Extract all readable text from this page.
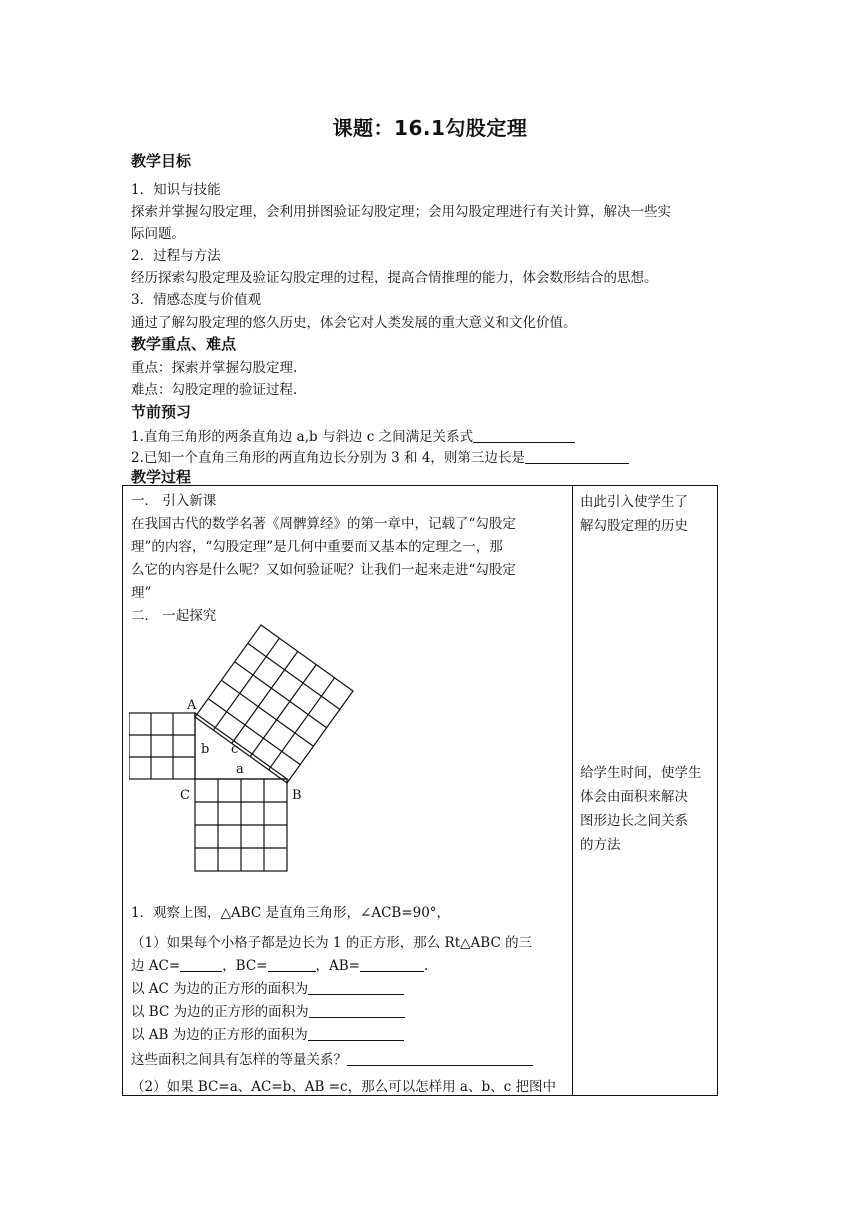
课题：16.1勾股定理
教学目标
1．知识与技能
探索并掌握勾股定理，会利用拼图验证勾股定理；会用勾股定理进行有关计算，解决一些实
际问题。
2．过程与方法
经历探索勾股定理及验证勾股定理的过程，提高合情推理的能力，体会数形结合的思想。
3．情感态度与价值观
通过了解勾股定理的悠久历史，体会它对人类发展的重大意义和文化价值。
教学重点、难点
重点：探索并掌握勾股定理.
难点：勾股定理的验证过程.
节前预习
1.直角三角形的两条直角边 a,b 与斜边 c 之间满足关系式
2.已知一个直角三角形的两直角边长分别为 3 和 4，则第三边长是
教学过程
一． 引入新课
在我国古代的数学名著《周髀算经》的第一章中，记载了“勾股定
理”的内容，“勾股定理”是几何中重要而又基本的定理之一，那
么它的内容是什么呢？又如何验证呢？让我们一起来走进“勾股定
理”
二． 一起探究
A
b c
a
C	B
1．观察上图，△ABC 是直角三角形，∠ACB=90°，
（1）如果每个小格子都是边长为 1 的正方形，那么 Rt△ABC 的三
边 AC=	，BC=	，AB=	.
以 AC 为边的正方形的面积为
以 BC 为边的正方形的面积为
以 AB 为边的正方形的面积为
这些面积之间具有怎样的等量关系？
（2）如果 BC=a、AC=b、AB =c，那么可以怎样用 a、b、c 把图中
由此引入使学生了
解勾股定理的历史
给学生时间，使学生
体会由面积来解决
图形边长之间关系
的方法
